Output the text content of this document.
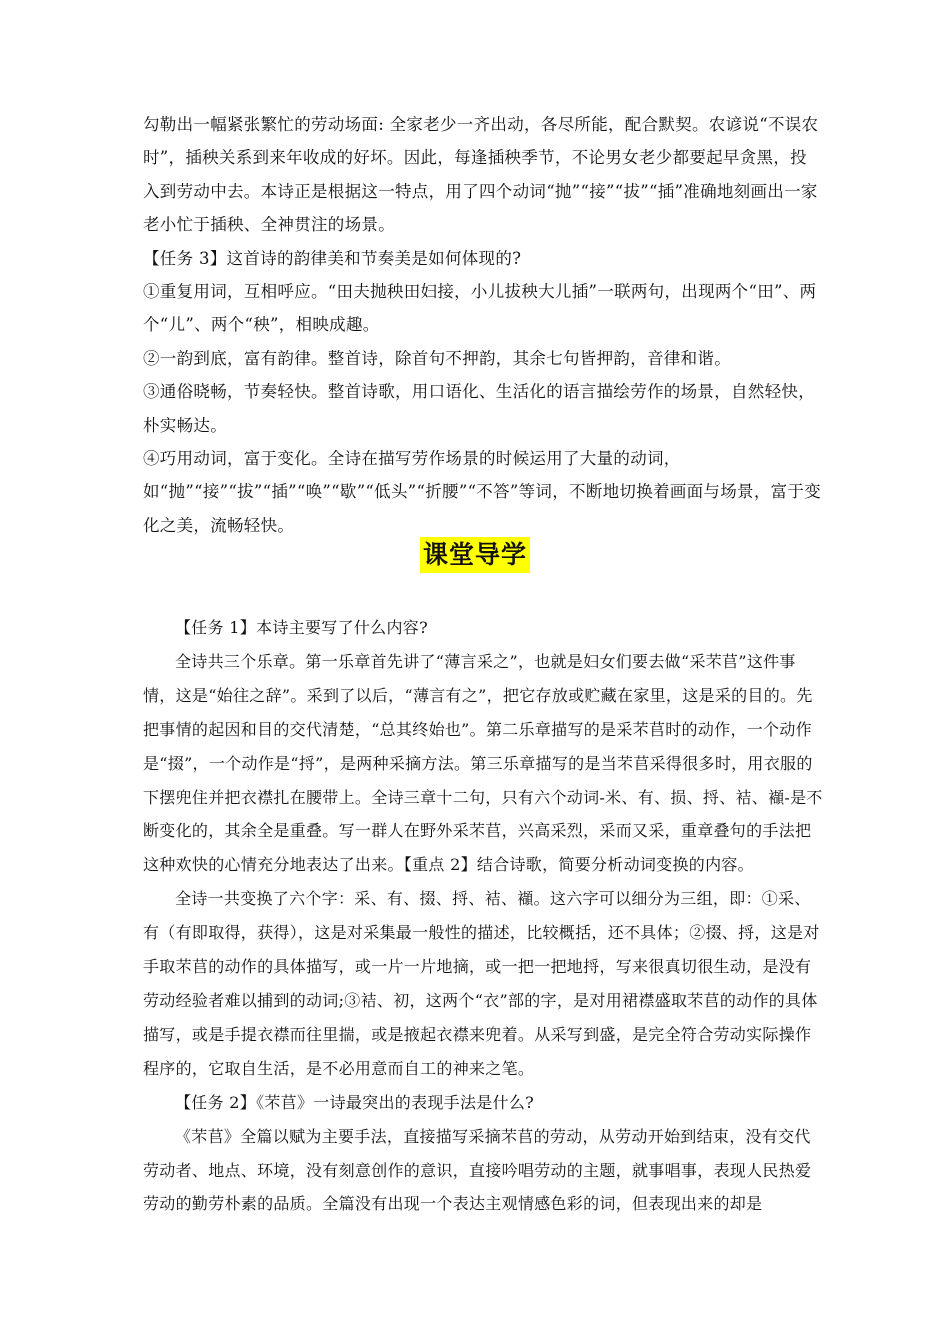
勾勒出一幅紧张繁忙的劳动场面: 全家老少一齐出动，各尽所能，配合默契。农谚说“不误农时”，插秧关系到来年收成的好坏。因此，每逢插秧季节，不论男女老少都要起早贪黑，投入到劳动中去。本诗正是根据这一特点，用了四个动词“抛”“接”“拔”“插”准确地刻画出一家老小忙于插秧、全神贯注的场景。

【任务 3】这首诗的韵律美和节奏美是如何体现的?

①重复用词，互相呼应。“田夫抛秧田妇接，小儿拔秧大儿插”一联两句，出现两个“田”、两个“儿”、两个“秧”，相映成趣。

②一韵到底，富有韵律。整首诗，除首句不押韵，其余七句皆押韵，音律和谐。

③通俗晓畅，节奏轻快。整首诗歌，用口语化、生活化的语言描绘劳作的场景，自然轻快，朴实畅达。

④巧用动词，富于变化。全诗在描写劳作场景的时候运用了大量的动词，如“抛”“接”“拔”“插”“唤”“歇”“低头”“折腰”“不答”等词，不断地切换着画面与场景，富于变化之美，流畅轻快。

课堂导学

【任务 1】本诗主要写了什么内容?

全诗共三个乐章。第一乐章首先讲了“薄言采之”，也就是妇女们要去做“采芣苢”这件事情，这是“始往之辞”。采到了以后，“薄言有之”，把它存放或贮藏在家里，这是采的目的。先把事情的起因和目的交代清楚，“总其终始也”。第二乐章描写的是采芣苢时的动作，一个动作是“掇”，一个动作是“捋”，是两种采摘方法。第三乐章描写的是当芣苢采得很多时，用衣服的下摆兜住并把衣襟扎在腰带上。全诗三章十二句，只有六个动词-米、有、损、捋、袺、襭-是不断变化的，其余全是重叠。写一群人在野外采芣苢，兴高采烈，采而又采，重章叠句的手法把这种欢快的心情充分地表达了出来。【重点 2】结合诗歌，简要分析动词变换的内容。

全诗一共变换了六个字：采、有、掇、捋、袺、襭。这六字可以细分为三组，即：①采、有（有即取得，获得），这是对采集最一般性的描述，比较概括，还不具体；②掇、捋，这是对手取芣苢的动作的具体描写，或一片一片地摘，或一把一把地捋，写来很真切很生动，是没有劳动经验者难以捕到的动词;③袺、初，这两个“衣”部的字，是对用裙襟盛取芣苢的动作的具体描写，或是手提衣襟而往里揣，或是掖起衣襟来兜着。从采写到盛，是完全符合劳动实际操作程序的，它取自生活，是不必用意而自工的神来之笔。

【任务 2】《芣苢》一诗最突出的表现手法是什么?

《芣苢》全篇以赋为主要手法，直接描写采摘芣苢的劳动，从劳动开始到结束，没有交代劳动者、地点、环境，没有刻意创作的意识，直接吟唱劳动的主题，就事唱事，表现人民热爱劳动的勤劳朴素的品质。全篇没有出现一个表达主观情感色彩的词，但表现出来的却是
